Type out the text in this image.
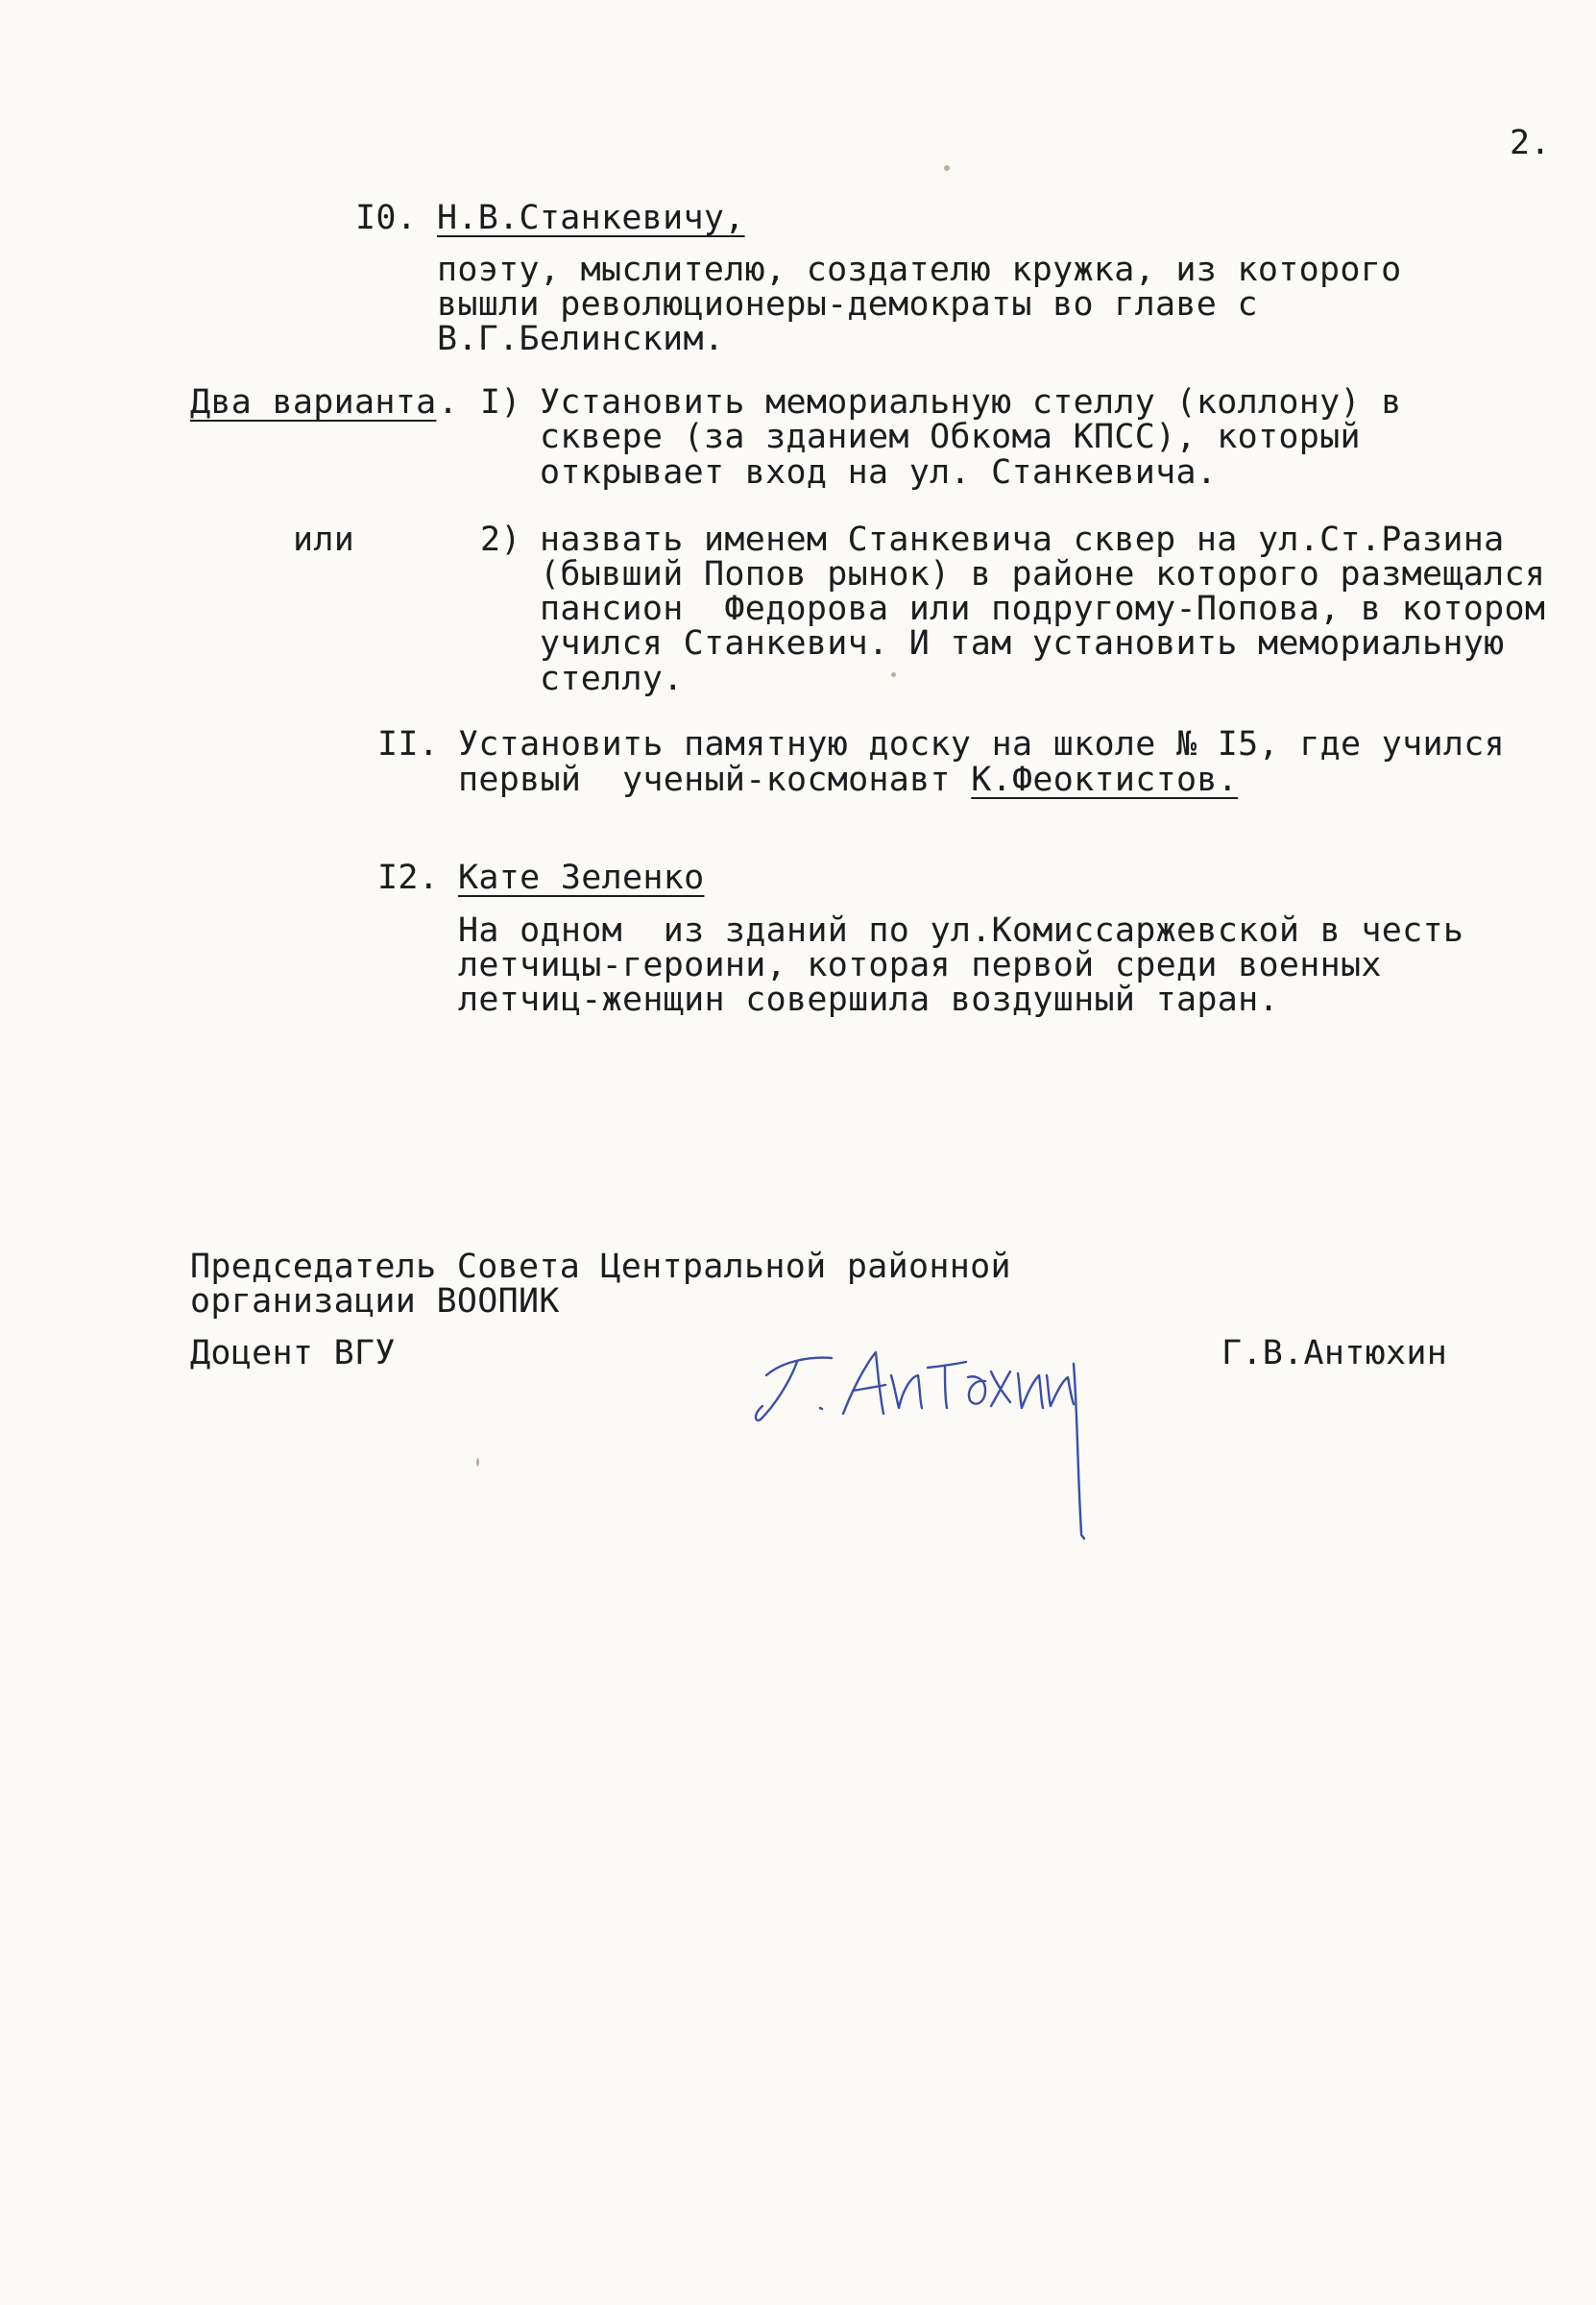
2.
I0. Н.В.Станкевичу,
поэту, мыслителю, создателю кружка, из которого
вышли революционеры-демократы во главе с
В.Г.Белинским.
Два варианта . I) Установить мемориальную стеллу (коллону) в
сквере (за зданием Обкома КПСС), который
открывает вход на ул. Станкевича.
или	2) назвать именем Станкевича сквер на ул.Ст.Разина
(бывший Попов рынок) в районе которого размещался
пансион  Федорова или подругому-Попова, в котором
учился Станкевич. И там установить мемориальную
стеллу.
II. Установить памятную доску на школе № I5, где учился
первый  ученый-космонавт К.Феоктистов.
I2. Кате Зеленко
На одном  из зданий по ул.Комиссаржевской в честь
летчицы-героини, которая первой среди военных
летчиц-женщин совершила воздушный таран.
Председатель Совета Центральной районной
организации ВООПИК
Доцент ВГУ	Г.В.Антюхин
